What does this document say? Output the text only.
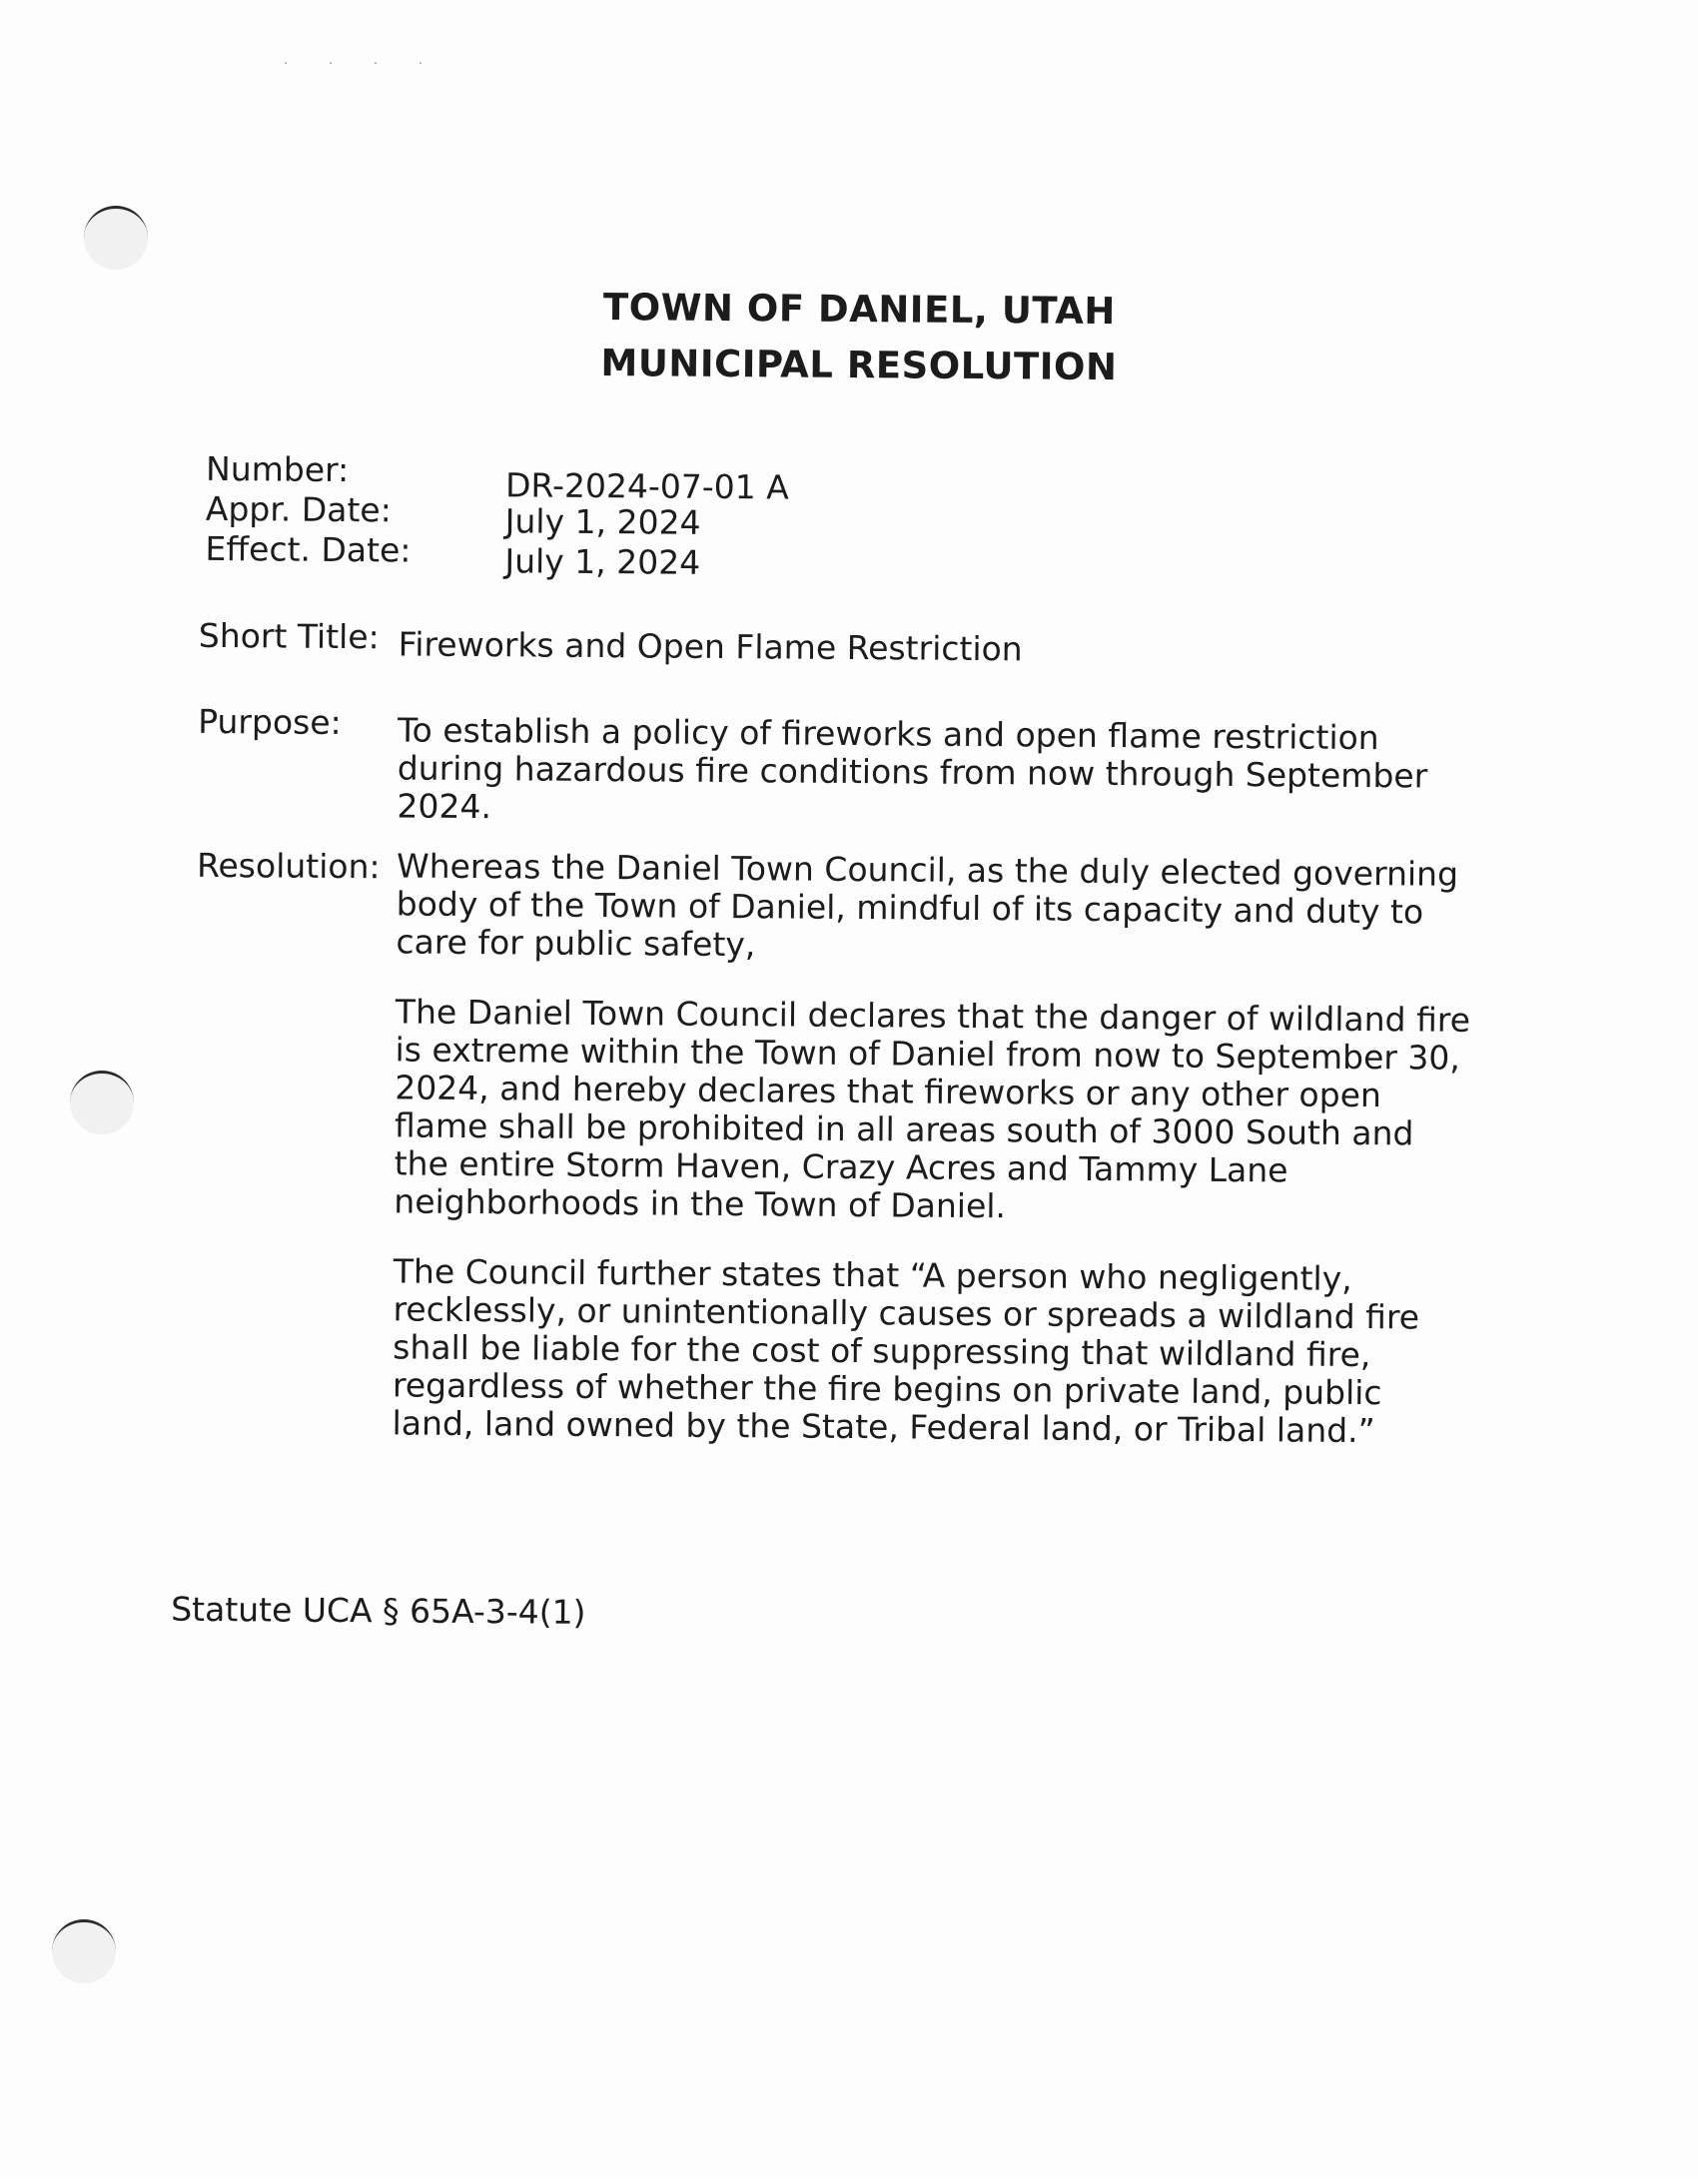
· · · ·
TOWN OF DANIEL, UTAH
MUNICIPAL RESOLUTION
Number:	DR-2024-07-01 A
Appr. Date:	July 1, 2024
Effect. Date:	July 1, 2024
Short Title: Fireworks and Open Flame Restriction
Purpose:	To establish a policy of fireworks and open flame restriction during hazardous fire conditions from now through September 2024.
Resolution: Whereas the Daniel Town Council, as the duly elected governing body of the Town of Daniel, mindful of its capacity and duty to care for public safety,

The Daniel Town Council declares that the danger of wildland fire is extreme within the Town of Daniel from now to September 30, 2024, and hereby declares that fireworks or any other open flame shall be prohibited in all areas south of 3000 South and the entire Storm Haven, Crazy Acres and Tammy Lane neighborhoods in the Town of Daniel.

The Council further states that “A person who negligently, recklessly, or unintentionally causes or spreads a wildland fire shall be liable for the cost of suppressing that wildland fire, regardless of whether the fire begins on private land, public land, land owned by the State, Federal land, or Tribal land.”

Statute UCA § 65A-3-4(1)
